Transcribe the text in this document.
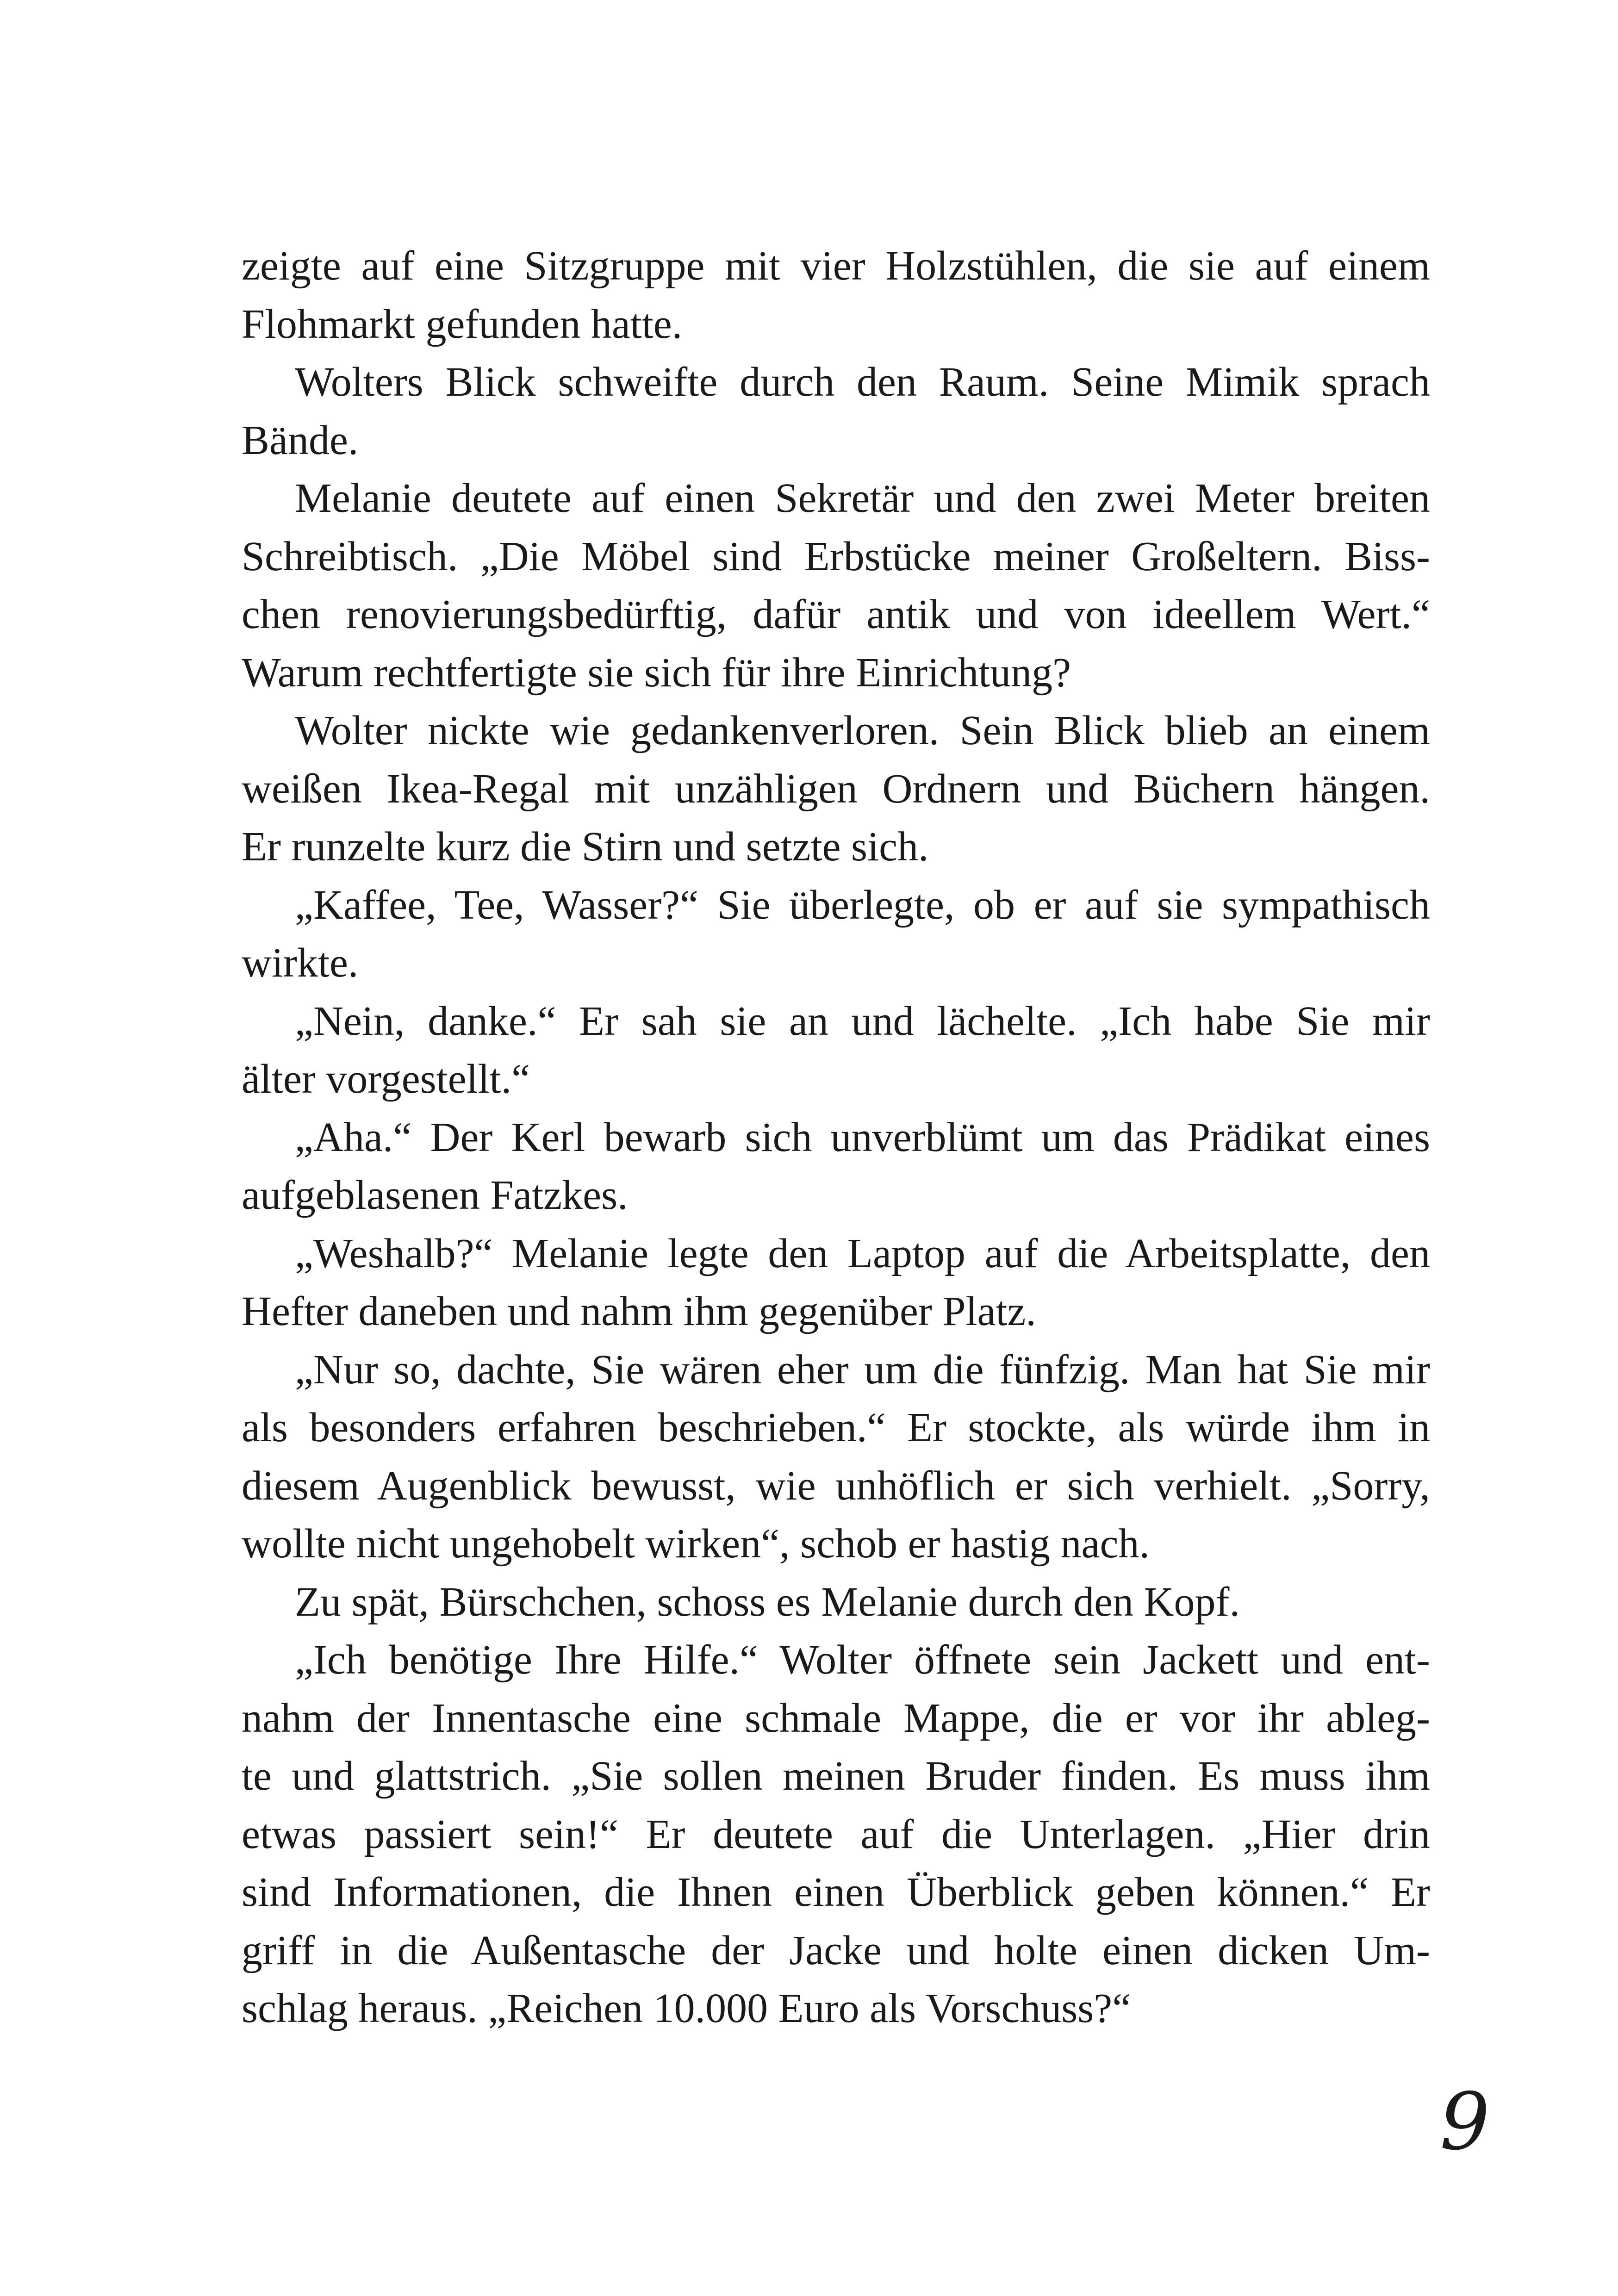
zeigte auf eine Sitzgruppe mit vier Holzstühlen, die sie auf einem
Flohmarkt gefunden hatte.
Wolters Blick schweifte durch den Raum. Seine Mimik sprach
Bände.
Melanie deutete auf einen Sekretär und den zwei Meter breiten
Schreibtisch. „Die Möbel sind Erbstücke meiner Großeltern. Biss-
chen renovierungsbedürftig, dafür antik und von ideellem Wert.“
Warum rechtfertigte sie sich für ihre Einrichtung?
Wolter nickte wie gedankenverloren. Sein Blick blieb an einem
weißen Ikea-Regal mit unzähligen Ordnern und Büchern hängen.
Er runzelte kurz die Stirn und setzte sich.
„Kaffee, Tee, Wasser?“ Sie überlegte, ob er auf sie sympathisch
wirkte.
„Nein, danke.“ Er sah sie an und lächelte. „Ich habe Sie mir
älter vorgestellt.“
„Aha.“ Der Kerl bewarb sich unverblümt um das Prädikat eines
aufgeblasenen Fatzkes.
„Weshalb?“ Melanie legte den Laptop auf die Arbeitsplatte, den
Hefter daneben und nahm ihm gegenüber Platz.
„Nur so, dachte, Sie wären eher um die fünfzig. Man hat Sie mir
als besonders erfahren beschrieben.“ Er stockte, als würde ihm in
diesem Augenblick bewusst, wie unhöflich er sich verhielt. „Sorry,
wollte nicht ungehobelt wirken“, schob er hastig nach.
Zu spät, Bürschchen, schoss es Melanie durch den Kopf.
„Ich benötige Ihre Hilfe.“ Wolter öffnete sein Jackett und ent-
nahm der Innentasche eine schmale Mappe, die er vor ihr ableg-
te und glattstrich. „Sie sollen meinen Bruder finden. Es muss ihm
etwas passiert sein!“ Er deutete auf die Unterlagen. „Hier drin
sind Informationen, die Ihnen einen Überblick geben können.“ Er
griff in die Außentasche der Jacke und holte einen dicken Um-
schlag heraus. „Reichen 10.000 Euro als Vorschuss?“
9
